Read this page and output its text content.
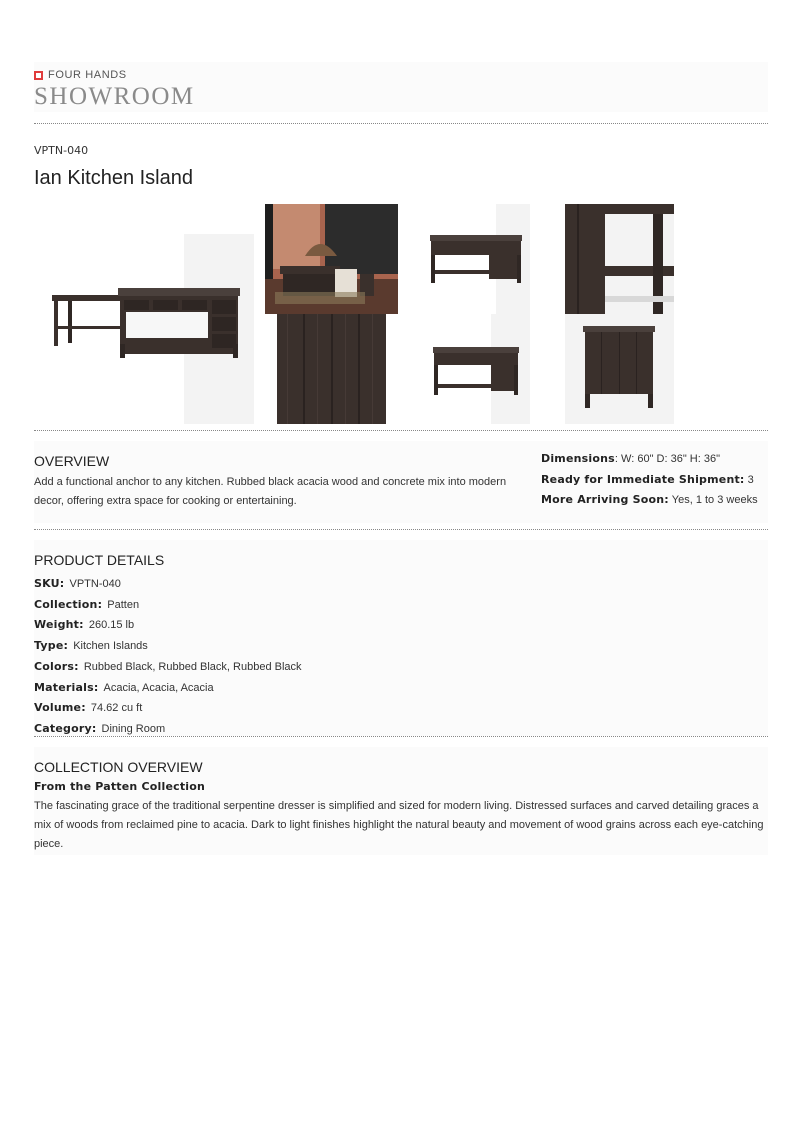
FOUR HANDS
SHOWROOM
VPTN-040
Ian Kitchen Island
OVERVIEW
Add a functional anchor to any kitchen. Rubbed black acacia wood and concrete mix into modern decor, offering extra space for cooking or entertaining.
Dimensions: W: 60" D: 36" H: 36"
Ready for Immediate Shipment: 3
More Arriving Soon: Yes, 1 to 3 weeks
PRODUCT DETAILS
SKU: VPTN-040
Collection: Patten
Weight: 260.15 lb
Type: Kitchen Islands
Colors: Rubbed Black, Rubbed Black, Rubbed Black
Materials: Acacia, Acacia, Acacia
Volume: 74.62 cu ft
Category: Dining Room
COLLECTION OVERVIEW
From the Patten Collection
The fascinating grace of the traditional serpentine dresser is simplified and sized for modern living. Distressed surfaces and carved detailing graces a mix of woods from reclaimed pine to acacia. Dark to light finishes highlight the natural beauty and movement of wood grains across each eye-catching piece.
